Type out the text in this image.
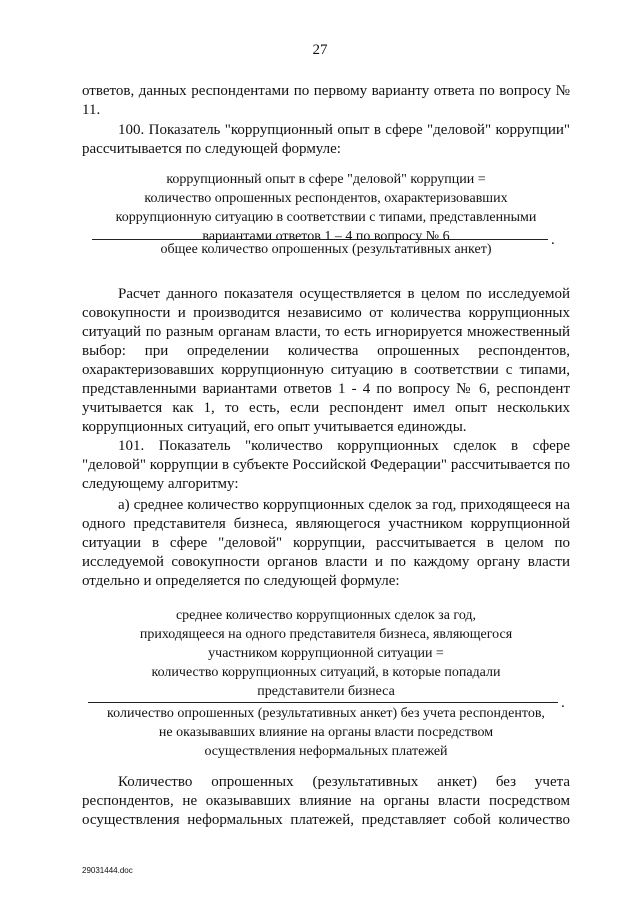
27

ответов, данных респондентами по первому варианту ответа по вопросу № 11.

100. Показатель "коррупционный опыт в сфере "деловой" коррупции" рассчитывается по следующей формуле:

коррупционный опыт в сфере "деловой" коррупции =
количество опрошенных респондентов, охарактеризовавших
коррупционную ситуацию в соответствии с типами, представленными
вариантами ответов 1 – 4 по вопросу № 6	.
общее количество опрошенных (результативных анкет)

Расчет данного показателя осуществляется в целом по исследуемой совокупности и производится независимо от количества коррупционных ситуаций по разным органам власти, то есть игнорируется множественный выбор: при определении количества опрошенных респондентов, охарактеризовавших коррупционную ситуацию в соответствии с типами, представленными вариантами ответов 1 - 4 по вопросу № 6, респондент учитывается как 1, то есть, если респондент имел опыт нескольких коррупционных ситуаций, его опыт учитывается единожды.

101. Показатель "количество коррупционных сделок в сфере "деловой" коррупции в субъекте Российской Федерации" рассчитывается по следующему алгоритму:

а) среднее количество коррупционных сделок за год, приходящееся на одного представителя бизнеса, являющегося участником коррупционной ситуации в сфере "деловой" коррупции, рассчитывается в целом по исследуемой совокупности органов власти и по каждому органу власти отдельно и определяется по следующей формуле:

среднее количество коррупционных сделок за год,
приходящееся на одного представителя бизнеса, являющегося
участником коррупционной ситуации =
количество коррупционных ситуаций, в которые попадали
представители бизнеса
.
количество опрошенных (результативных анкет) без учета респондентов,
не оказывавших влияние на органы власти посредством
осуществления неформальных платежей

Количество опрошенных (результативных анкет) без учета респондентов, не оказывавших влияние на органы власти посредством осуществления неформальных платежей, представляет собой количество

29031444.doc
